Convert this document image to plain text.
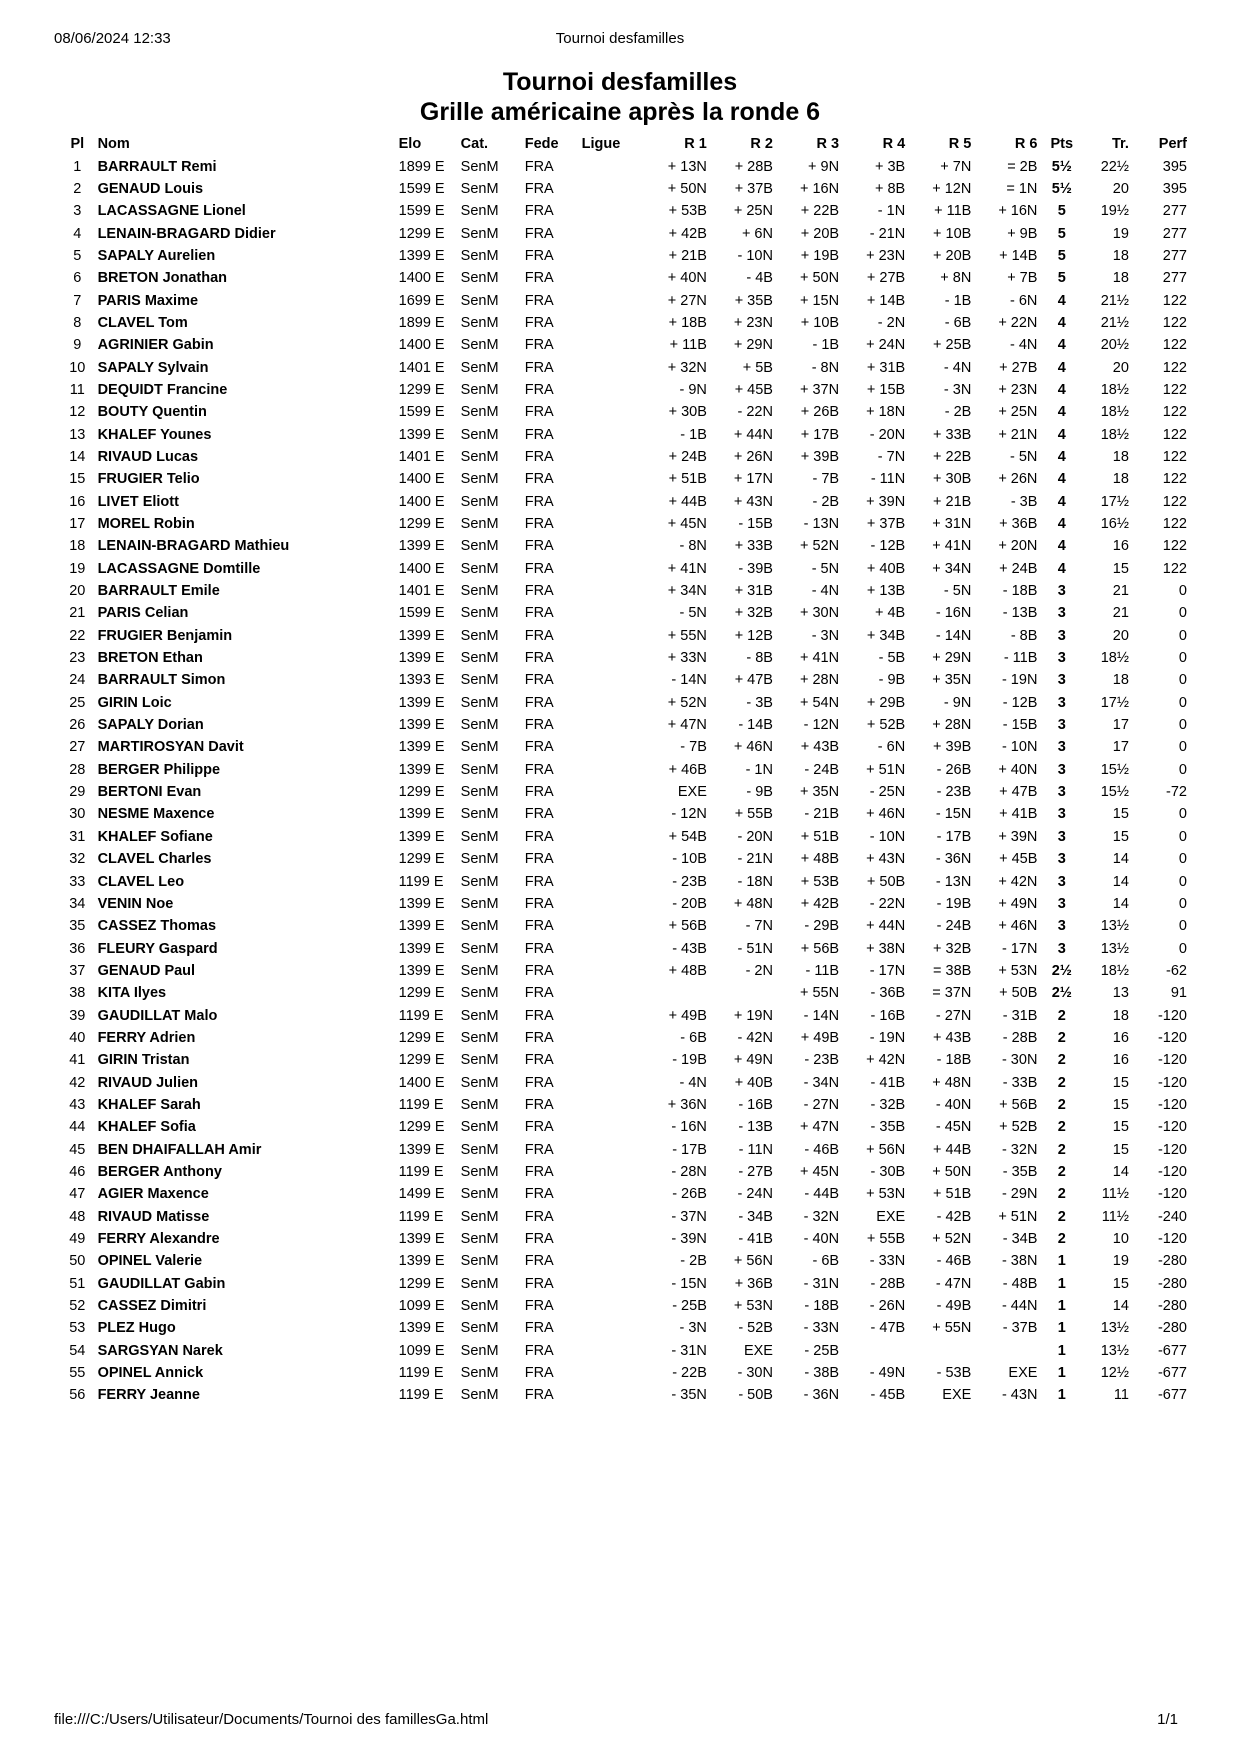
08/06/2024 12:33	Tournoi desfamilles
Tournoi desfamilles
Grille américaine après la ronde 6
Pl	Nom	Elo	Cat.	Fede	Ligue	R 1	R 2	R 3	R 4	R 5	R 6	Pts	Tr.	Perf
1	BARRAULT Remi	1899 E	SenM	FRA		+ 13N	+ 28B	+ 9N	+ 3B	+ 7N	= 2B	5½	22½	395
2	GENAUD Louis	1599 E	SenM	FRA		+ 50N	+ 37B	+ 16N	+ 8B	+ 12N	= 1N	5½	20	395
3	LACASSAGNE Lionel	1599 E	SenM	FRA		+ 53B	+ 25N	+ 22B	- 1N	+ 11B	+ 16N	5	19½	277
4	LENAIN-BRAGARD Didier	1299 E	SenM	FRA		+ 42B	+ 6N	+ 20B	- 21N	+ 10B	+ 9B	5	19	277
5	SAPALY Aurelien	1399 E	SenM	FRA		+ 21B	- 10N	+ 19B	+ 23N	+ 20B	+ 14B	5	18	277
6	BRETON Jonathan	1400 E	SenM	FRA		+ 40N	- 4B	+ 50N	+ 27B	+ 8N	+ 7B	5	18	277
7	PARIS Maxime	1699 E	SenM	FRA		+ 27N	+ 35B	+ 15N	+ 14B	- 1B	- 6N	4	21½	122
8	CLAVEL Tom	1899 E	SenM	FRA		+ 18B	+ 23N	+ 10B	- 2N	- 6B	+ 22N	4	21½	122
9	AGRINIER Gabin	1400 E	SenM	FRA		+ 11B	+ 29N	- 1B	+ 24N	+ 25B	- 4N	4	20½	122
10	SAPALY Sylvain	1401 E	SenM	FRA		+ 32N	+ 5B	- 8N	+ 31B	- 4N	+ 27B	4	20	122
11	DEQUIDT Francine	1299 E	SenM	FRA		- 9N	+ 45B	+ 37N	+ 15B	- 3N	+ 23N	4	18½	122
12	BOUTY Quentin	1599 E	SenM	FRA		+ 30B	- 22N	+ 26B	+ 18N	- 2B	+ 25N	4	18½	122
13	KHALEF Younes	1399 E	SenM	FRA		- 1B	+ 44N	+ 17B	- 20N	+ 33B	+ 21N	4	18½	122
14	RIVAUD Lucas	1401 E	SenM	FRA		+ 24B	+ 26N	+ 39B	- 7N	+ 22B	- 5N	4	18	122
15	FRUGIER Telio	1400 E	SenM	FRA		+ 51B	+ 17N	- 7B	- 11N	+ 30B	+ 26N	4	18	122
16	LIVET Eliott	1400 E	SenM	FRA		+ 44B	+ 43N	- 2B	+ 39N	+ 21B	- 3B	4	17½	122
17	MOREL Robin	1299 E	SenM	FRA		+ 45N	- 15B	- 13N	+ 37B	+ 31N	+ 36B	4	16½	122
18	LENAIN-BRAGARD Mathieu	1399 E	SenM	FRA		- 8N	+ 33B	+ 52N	- 12B	+ 41N	+ 20N	4	16	122
19	LACASSAGNE Domtille	1400 E	SenM	FRA		+ 41N	- 39B	- 5N	+ 40B	+ 34N	+ 24B	4	15	122
20	BARRAULT Emile	1401 E	SenM	FRA		+ 34N	+ 31B	- 4N	+ 13B	- 5N	- 18B	3	21	0
21	PARIS Celian	1599 E	SenM	FRA		- 5N	+ 32B	+ 30N	+ 4B	- 16N	- 13B	3	21	0
22	FRUGIER Benjamin	1399 E	SenM	FRA		+ 55N	+ 12B	- 3N	+ 34B	- 14N	- 8B	3	20	0
23	BRETON Ethan	1399 E	SenM	FRA		+ 33N	- 8B	+ 41N	- 5B	+ 29N	- 11B	3	18½	0
24	BARRAULT Simon	1393 E	SenM	FRA		- 14N	+ 47B	+ 28N	- 9B	+ 35N	- 19N	3	18	0
25	GIRIN Loic	1399 E	SenM	FRA		+ 52N	- 3B	+ 54N	+ 29B	- 9N	- 12B	3	17½	0
26	SAPALY Dorian	1399 E	SenM	FRA		+ 47N	- 14B	- 12N	+ 52B	+ 28N	- 15B	3	17	0
27	MARTIROSYAN Davit	1399 E	SenM	FRA		- 7B	+ 46N	+ 43B	- 6N	+ 39B	- 10N	3	17	0
28	BERGER Philippe	1399 E	SenM	FRA		+ 46B	- 1N	- 24B	+ 51N	- 26B	+ 40N	3	15½	0
29	BERTONI Evan	1299 E	SenM	FRA		EXE	- 9B	+ 35N	- 25N	- 23B	+ 47B	3	15½	-72
30	NESME Maxence	1399 E	SenM	FRA		- 12N	+ 55B	- 21B	+ 46N	- 15N	+ 41B	3	15	0
31	KHALEF Sofiane	1399 E	SenM	FRA		+ 54B	- 20N	+ 51B	- 10N	- 17B	+ 39N	3	15	0
32	CLAVEL Charles	1299 E	SenM	FRA		- 10B	- 21N	+ 48B	+ 43N	- 36N	+ 45B	3	14	0
33	CLAVEL Leo	1199 E	SenM	FRA		- 23B	- 18N	+ 53B	+ 50B	- 13N	+ 42N	3	14	0
34	VENIN Noe	1399 E	SenM	FRA		- 20B	+ 48N	+ 42B	- 22N	- 19B	+ 49N	3	14	0
35	CASSEZ Thomas	1399 E	SenM	FRA		+ 56B	- 7N	- 29B	+ 44N	- 24B	+ 46N	3	13½	0
36	FLEURY Gaspard	1399 E	SenM	FRA		- 43B	- 51N	+ 56B	+ 38N	+ 32B	- 17N	3	13½	0
37	GENAUD Paul	1399 E	SenM	FRA		+ 48B	- 2N	- 11B	- 17N	= 38B	+ 53N	2½	18½	-62
38	KITA Ilyes	1299 E	SenM	FRA				+ 55N	- 36B	= 37N	+ 50B	2½	13	91
39	GAUDILLAT Malo	1199 E	SenM	FRA		+ 49B	+ 19N	- 14N	- 16B	- 27N	- 31B	2	18	-120
40	FERRY Adrien	1299 E	SenM	FRA		- 6B	- 42N	+ 49B	- 19N	+ 43B	- 28B	2	16	-120
41	GIRIN Tristan	1299 E	SenM	FRA		- 19B	+ 49N	- 23B	+ 42N	- 18B	- 30N	2	16	-120
42	RIVAUD Julien	1400 E	SenM	FRA		- 4N	+ 40B	- 34N	- 41B	+ 48N	- 33B	2	15	-120
43	KHALEF Sarah	1199 E	SenM	FRA		+ 36N	- 16B	- 27N	- 32B	- 40N	+ 56B	2	15	-120
44	KHALEF Sofia	1299 E	SenM	FRA		- 16N	- 13B	+ 47N	- 35B	- 45N	+ 52B	2	15	-120
45	BEN DHAIFALLAH Amir	1399 E	SenM	FRA		- 17B	- 11N	- 46B	+ 56N	+ 44B	- 32N	2	15	-120
46	BERGER Anthony	1199 E	SenM	FRA		- 28N	- 27B	+ 45N	- 30B	+ 50N	- 35B	2	14	-120
47	AGIER Maxence	1499 E	SenM	FRA		- 26B	- 24N	- 44B	+ 53N	+ 51B	- 29N	2	11½	-120
48	RIVAUD Matisse	1199 E	SenM	FRA		- 37N	- 34B	- 32N	EXE	- 42B	+ 51N	2	11½	-240
49	FERRY Alexandre	1399 E	SenM	FRA		- 39N	- 41B	- 40N	+ 55B	+ 52N	- 34B	2	10	-120
50	OPINEL Valerie	1399 E	SenM	FRA		- 2B	+ 56N	- 6B	- 33N	- 46B	- 38N	1	19	-280
51	GAUDILLAT Gabin	1299 E	SenM	FRA		- 15N	+ 36B	- 31N	- 28B	- 47N	- 48B	1	15	-280
52	CASSEZ Dimitri	1099 E	SenM	FRA		- 25B	+ 53N	- 18B	- 26N	- 49B	- 44N	1	14	-280
53	PLEZ Hugo	1399 E	SenM	FRA		- 3N	- 52B	- 33N	- 47B	+ 55N	- 37B	1	13½	-280
54	SARGSYAN Narek	1099 E	SenM	FRA		- 31N	EXE	- 25B				1	13½	-677
55	OPINEL Annick	1199 E	SenM	FRA		- 22B	- 30N	- 38B	- 49N	- 53B	EXE	1	12½	-677
56	FERRY Jeanne	1199 E	SenM	FRA		- 35N	- 50B	- 36N	- 45B	EXE	- 43N	1	11	-677
file:///C:/Users/Utilisateur/Documents/Tournoi des famillesGa.html	1/1
